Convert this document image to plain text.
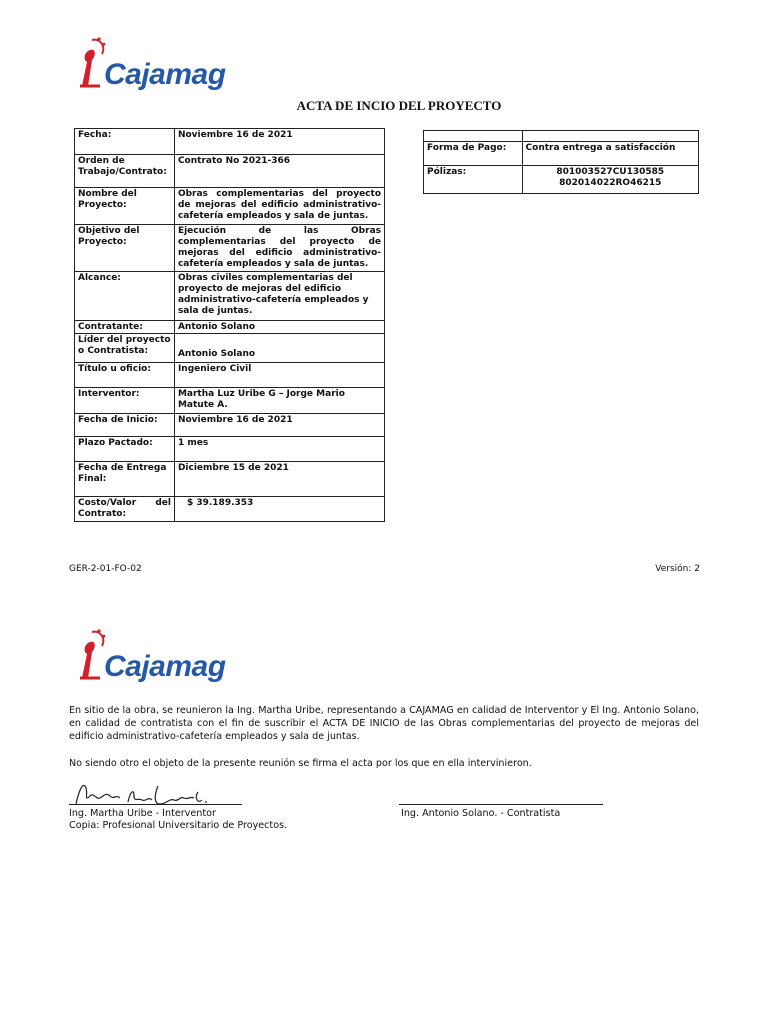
Cajamag
ACTA DE INCIO DEL PROYECTO
Fecha:	Noviembre 16 de 2021
Orden de Trabajo/Contrato:	Contrato No 2021-366
Nombre del Proyecto:	Obras complementarias del proyecto de mejoras del edificio administrativo-cafetería empleados y sala de juntas.
Objetivo del Proyecto:	Ejecución de las Obras complementarias del proyecto de mejoras del edificio administrativo-cafetería empleados y sala de juntas.
Alcance:	Obras civiles complementarias del proyecto de mejoras del edificio administrativo-cafetería empleados y sala de juntas.
Contratante:	Antonio Solano
Líder del proyecto o Contratista:	Antonio Solano
Título u oficio:	Ingeniero Civil
Interventor:	Martha Luz Uribe G – Jorge Mario Matute A.
Fecha de Inicio:	Noviembre 16 de 2021
Plazo Pactado:	1 mes
Fecha de Entrega Final:	Diciembre 15 de 2021
Costo/Valor del Contrato:	$ 39.189.353

Forma de Pago:	Contra entrega a satisfacción
Pólizas:	801003527CU130585
802014022RO46215
GER-2-01-FO-02	Versión: 2
Cajamag
En sitio de la obra, se reunieron la Ing. Martha Uribe, representando a CAJAMAG en calidad de Interventor y El Ing. Antonio Solano, en calidad de contratista con el fin de suscribir el ACTA DE INICIO de las Obras complementarias del proyecto de mejoras del edificio administrativo-cafetería empleados y sala de juntas.
No siendo otro el objeto de la presente reunión se firma el acta por los que en ella intervinieron.
Ing. Martha Uribe - Interventor
Copia: Profesional Universitario de Proyectos.
Ing. Antonio Solano. - Contratista
